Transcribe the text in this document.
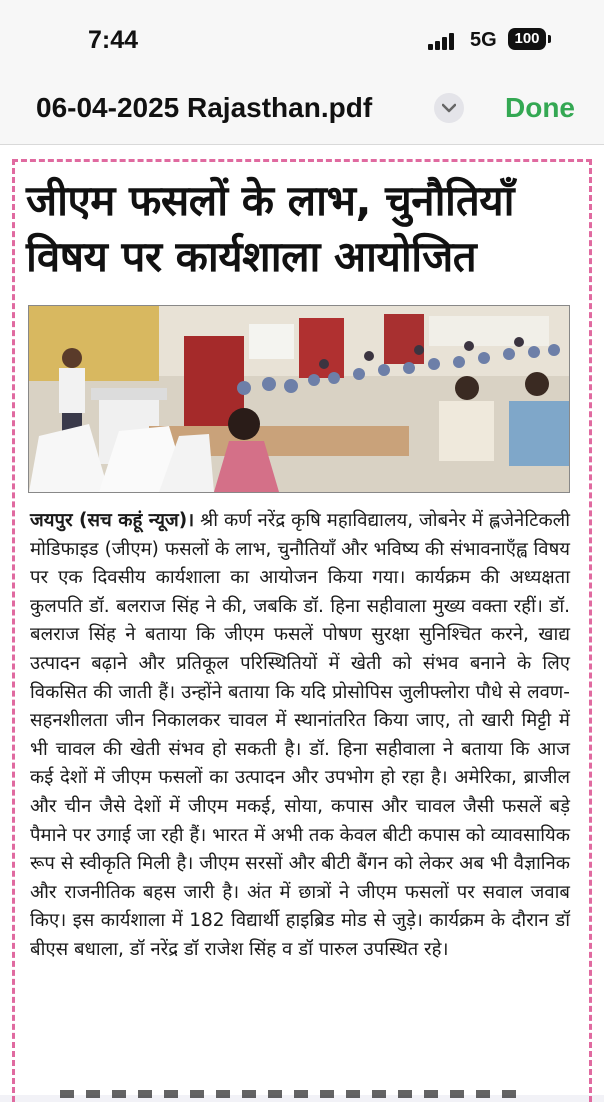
7:44	5G	100
06-04-2025 Rajasthan.pdf	Done
जीएम फसलों के लाभ, चुनौतियाँ
विषय पर कार्यशाला आयोजित
जयपुर (सच कहूं न्यूज)। श्री कर्ण नरेंद्र कृषि महाविद्यालय, जोबनेर में ह्लजेनेटिकली मोडिफाइड (जीएम) फसलों के लाभ, चुनौतियाँ और भविष्य की संभावनाएँह्व विषय पर एक दिवसीय कार्यशाला का आयोजन किया गया। कार्यक्रम की अध्यक्षता कुलपति डॉ. बलराज सिंह ने की, जबकि डॉ. हिना सहीवाला मुख्य वक्ता रहीं। डॉ. बलराज सिंह ने बताया कि जीएम फसलें पोषण सुरक्षा सुनिश्चित करने, खाद्य उत्पादन बढ़ाने और प्रतिकूल परिस्थितियों में खेती को संभव बनाने के लिए विकसित की जाती हैं। उन्होंने बताया कि यदि प्रोसोपिस जुलीफ्लोरा पौधे से लवण-सहनशीलता जीन निकालकर चावल में स्थानांतरित किया जाए, तो खारी मिट्टी में भी चावल की खेती संभव हो सकती है। डॉ. हिना सहीवाला ने बताया कि आज कई देशों में जीएम फसलों का उत्पादन और उपभोग हो रहा है। अमेरिका, ब्राजील और चीन जैसे देशों में जीएम मकई, सोया, कपास और चावल जैसी फसलें बड़े पैमाने पर उगाई जा रही हैं। भारत में अभी तक केवल बीटी कपास को व्यावसायिक रूप से स्वीकृति मिली है। जीएम सरसों और बीटी बैंगन को लेकर अब भी वैज्ञानिक और राजनीतिक बहस जारी है। अंत में छात्रों ने जीएम फसलों पर सवाल जवाब किए। इस कार्यशाला में 182 विद्यार्थी हाइब्रिड मोड से जुड़े। कार्यक्रम के दौरान डॉ बीएस बधाला, डॉ नरेंद्र डॉ राजेश सिंह व डॉ पारुल उपस्थित रहे।
